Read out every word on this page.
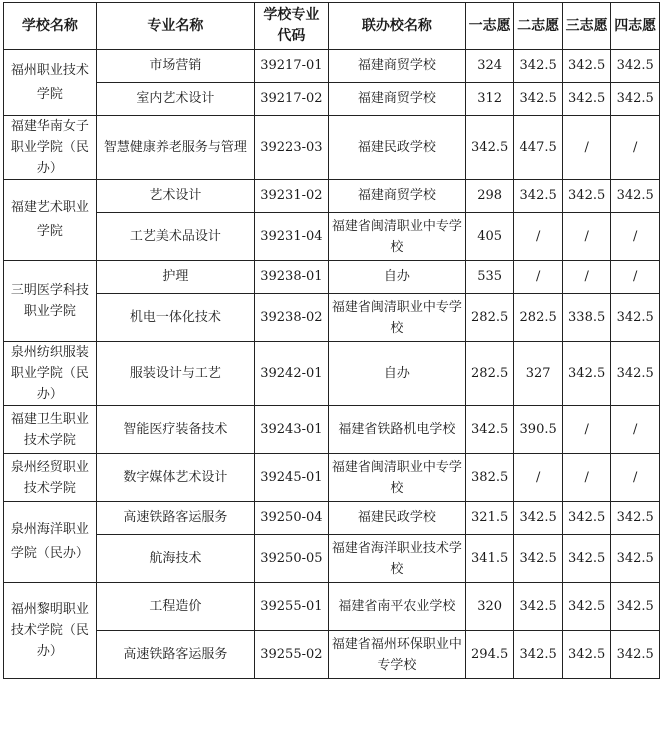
学校名称	专业名称	学校专业代码	联办校名称	一志愿	二志愿	三志愿	四志愿
福州职业技术学院	市场营销	39217-01	福建商贸学校	324	342.5	342.5	342.5
	室内艺术设计	39217-02	福建商贸学校	312	342.5	342.5	342.5
福建华南女子职业学院（民办）	智慧健康养老服务与管理	39223-03	福建民政学校	342.5	447.5	/	/
福建艺术职业学院	艺术设计	39231-02	福建商贸学校	298	342.5	342.5	342.5
	工艺美术品设计	39231-04	福建省闽清职业中专学校	405	/	/	/
三明医学科技职业学院	护理	39238-01	自办	535	/	/	/
	机电一体化技术	39238-02	福建省闽清职业中专学校	282.5	282.5	338.5	342.5
泉州纺织服装职业学院（民办）	服装设计与工艺	39242-01	自办	282.5	327	342.5	342.5
福建卫生职业技术学院	智能医疗装备技术	39243-01	福建省铁路机电学校	342.5	390.5	/	/
泉州经贸职业技术学院	数字媒体艺术设计	39245-01	福建省闽清职业中专学校	382.5	/	/	/
泉州海洋职业学院（民办）	高速铁路客运服务	39250-04	福建民政学校	321.5	342.5	342.5	342.5
	航海技术	39250-05	福建省海洋职业技术学校	341.5	342.5	342.5	342.5
福州黎明职业技术学院（民办）	工程造价	39255-01	福建省南平农业学校	320	342.5	342.5	342.5
	高速铁路客运服务	39255-02	福建省福州环保职业中专学校	294.5	342.5	342.5	342.5
